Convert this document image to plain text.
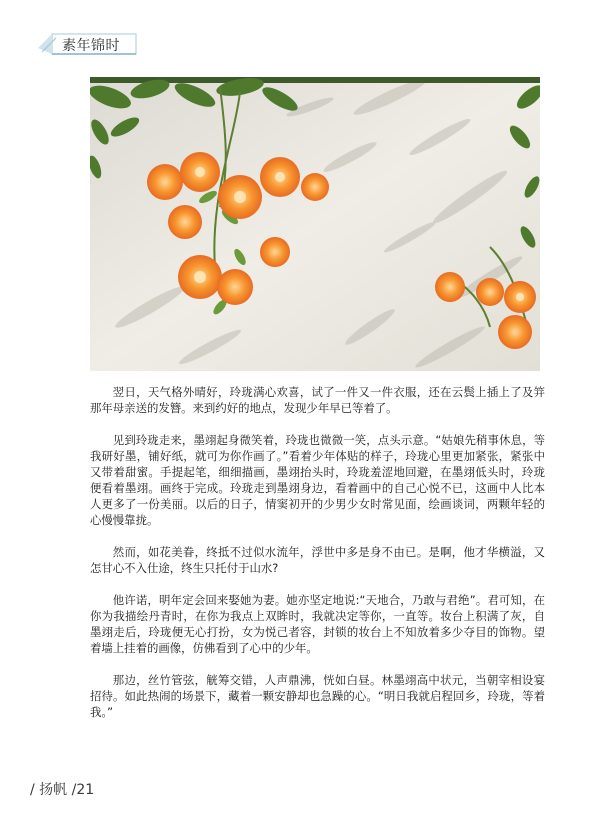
素年锦时

翌日，天气格外晴好，玲珑满心欢喜，试了一件又一件衣服，还在云鬓上插上了及笄那年母亲送的发簪。来到约好的地点，发现少年早已等着了。

见到玲珑走来，墨翊起身微笑着，玲珑也微微一笑，点头示意。“姑娘先稍事休息，等我研好墨，铺好纸，就可为你作画了。”看着少年体贴的样子，玲珑心里更加紧张，紧张中又带着甜蜜。手提起笔，细细描画，墨翊抬头时，玲珑羞涩地回避，在墨翊低头时，玲珑便看着墨翊。画终于完成。玲珑走到墨翊身边，看着画中的自己心悦不已，这画中人比本人更多了一份美丽。以后的日子，情窦初开的少男少女时常见面，绘画谈词，两颗年轻的心慢慢靠拢。

然而，如花美眷，终抵不过似水流年，浮世中多是身不由已。是啊，他才华横溢，又怎甘心不入仕途，终生只托付于山水?

他许诺，明年定会回来娶她为妻。她亦坚定地说:“天地合，乃敢与君绝”。君可知，在你为我描绘丹青时，在你为我点上双眸时，我就决定等你，一直等。妆台上积满了灰，自墨翊走后，玲珑便无心打扮，女为悦己者容，封锁的妆台上不知放着多少夺目的饰物。望着墙上挂着的画像，仿佛看到了心中的少年。

那边，丝竹管弦，觥筹交错，人声鼎沸，恍如白昼。林墨翊高中状元，当朝宰相设宴招待。如此热闹的场景下，藏着一颗安静却也急躁的心。“明日我就启程回乡，玲珑，等着我。”

/ 扬帆 /21
